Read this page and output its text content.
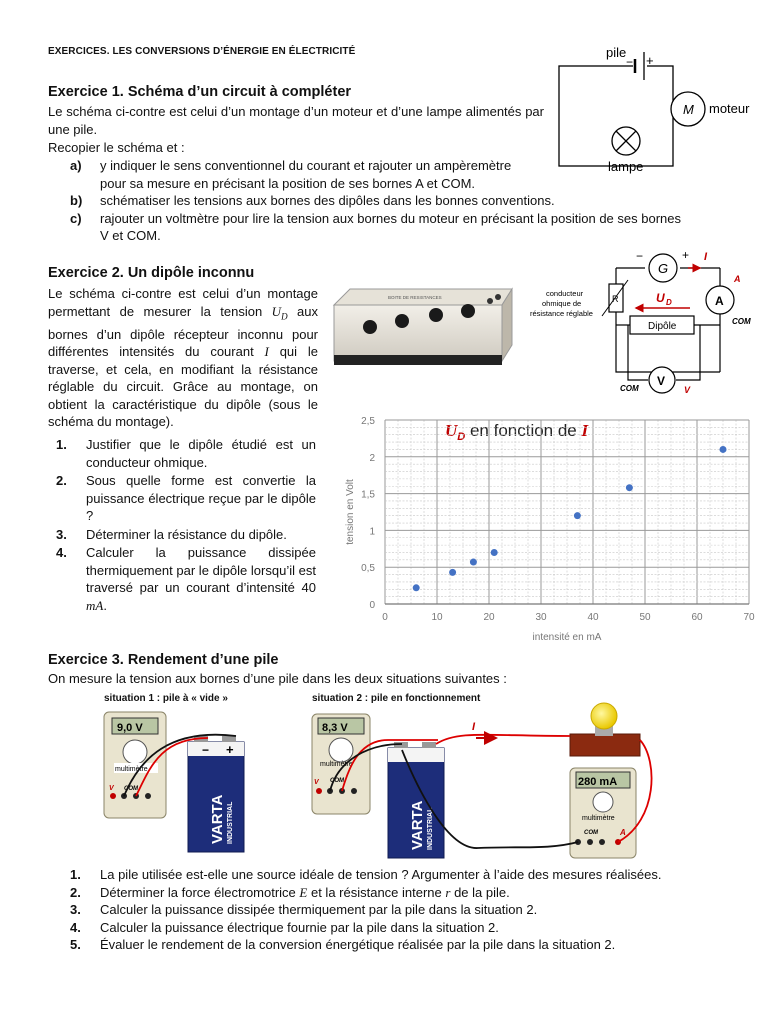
EXERCICES. LES CONVERSIONS D’ÉNERGIE EN ÉLECTRICITÉ
Exercice 1. Schéma d’un circuit à compléter
Le schéma ci-contre est celui d’un montage d’un moteur et d’une lampe alimentés par une pile.
Recopier le schéma et :
a)	y indiquer le sens conventionnel du courant et rajouter un ampèremètre
pour sa mesure en précisant la position de ses bornes A et COM.
b)	schématiser les tensions aux bornes des dipôles dans les bonnes conventions.
c)	rajouter un voltmètre pour lire la tension aux bornes du moteur en précisant la position de ses bornes
V et COM.
pile
− +
M moteur
lampe
Exercice 2. Un dipôle inconnu
Le schéma ci-contre est celui d’un montage permettant de mesurer la tension $U_D$ aux bornes d’un dipôle récepteur inconnu pour différentes intensités du courant I qui le traverse, et cela, en modifiant la résistance réglable du circuit. Grâce au montage, on obtient la caractéristique du dipôle (sous le schéma du montage).
1.	Justifier que le dipôle étudié est un conducteur ohmique.
2.	Sous quelle forme est convertie la puissance électrique reçue par le dipôle ?
3.	Déterminer la résistance du dipôle.
4.	Calculer la puissance dissipée thermiquement par le dipôle lorsqu’il est traversé par un courant d’intensité 40 mA.
BOITE DE RESISTANCES
G
−	+ I
A
A
COM
R
conducteur
ohmique de
résistance réglable
Dipôle
U D
V
COM	V
$U_D$ en fonction de I
0	10	20	30	40	50	60	70
0
0,5
1
1,5
2
2,5
intensité en mA
tension en Volt
Exercice 3. Rendement d’une pile
On mesure la tension aux bornes d’une pile dans les deux situations suivantes :
situation 1 : pile à « vide »	situation 2 : pile en fonctionnement
9,0 V
multimètre
V COM
− +
VARTA INDUSTRIAL
8,3 V
multimètre
V COM
VARTA INDUSTRIAL
280 mA
multimètre
COM	A
I
1.	La pile utilisée est-elle une source idéale de tension ? Argumenter à l’aide des mesures réalisées.
2.	Déterminer la force électromotrice E et la résistance interne r de la pile.
3.	Calculer la puissance dissipée thermiquement par la pile dans la situation 2.
4.	Calculer la puissance électrique fournie par la pile dans la situation 2.
5.	Évaluer le rendement de la conversion énergétique réalisée par la pile dans la situation 2.
